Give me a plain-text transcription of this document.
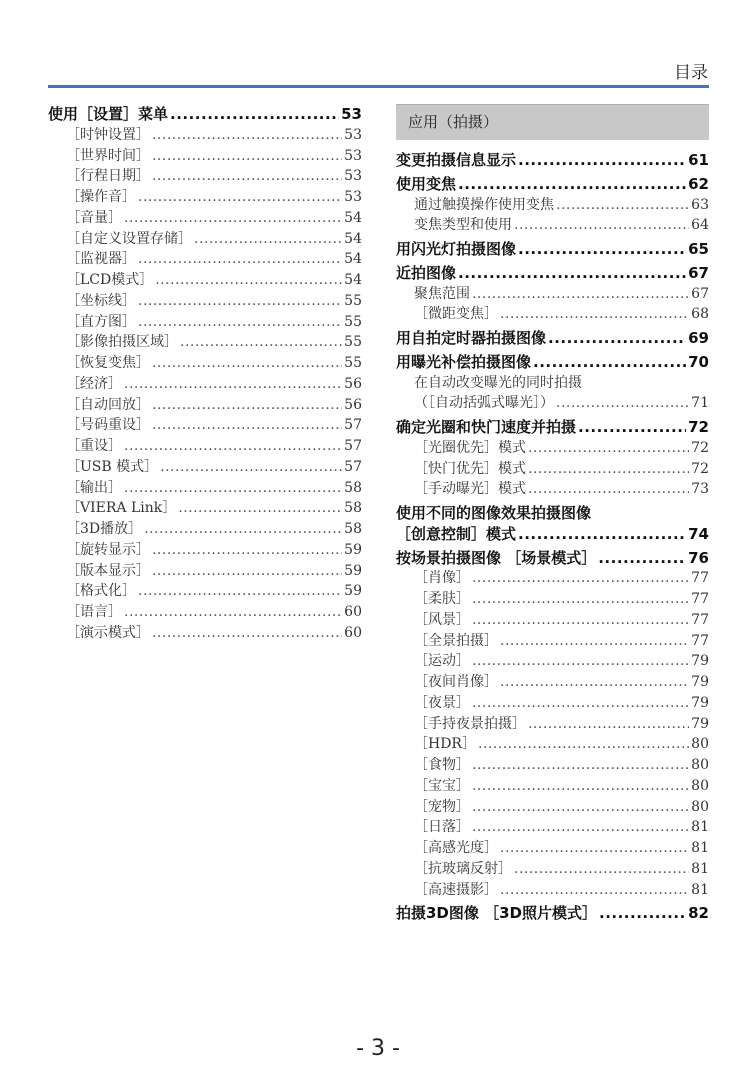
目录
使用［设置］菜单 .....	53
［时钟设置］ .....	53
［世界时间］ .....	53
［行程日期］ .....	53
［操作音］ .....	53
［音量］ .....	54
［自定义设置存储］ .....	54
［监视器］ .....	54
［LCD模式］ .....	54
［坐标线］ .....	55
［直方图］ .....	55
［影像拍摄区域］ .....	55
［恢复变焦］ .....	55
［经济］ .....	56
［自动回放］ .....	56
［号码重设］ .....	57
［重设］ .....	57
［USB 模式］ .....	57
［输出］ .....	58
［VIERA Link］ .....	58
［3D播放］ .....	58
［旋转显示］ .....	59
［版本显示］ .....	59
［格式化］ .....	59
［语言］ .....	60
［演示模式］ .....	60
应用（拍摄）
变更拍摄信息显示 .....	61
使用变焦 .....	62
通过触摸操作使用变焦 .....	63
变焦类型和使用 .....	64
用闪光灯拍摄图像 .....	65
近拍图像 .....	67
聚焦范围 .....	67
［微距变焦］ .....	68
用自拍定时器拍摄图像 .....	69
用曝光补偿拍摄图像 .....	70
在自动改变曝光的同时拍摄
（［自动括弧式曝光］） .....	71
确定光圈和快门速度并拍摄 .....	72
［光圈优先］模式 .....	72
［快门优先］模式 .....	72
［手动曝光］模式 .....	73
使用不同的图像效果拍摄图像
［创意控制］模式 .....	74
按场景拍摄图像 ［场景模式］ .....	76
［肖像］ .....	77
［柔肤］ .....	77
［风景］ .....	77
［全景拍摄］ .....	77
［运动］ .....	79
［夜间肖像］ .....	79
［夜景］ .....	79
［手持夜景拍摄］ .....	79
［HDR］ .....	80
［食物］ .....	80
［宝宝］ .....	80
［宠物］ .....	80
［日落］ .....	81
［高感光度］ .....	81
［抗玻璃反射］ .....	81
［高速摄影］ .....	81
拍摄3D图像 ［3D照片模式］ .....	82
- 3 -
